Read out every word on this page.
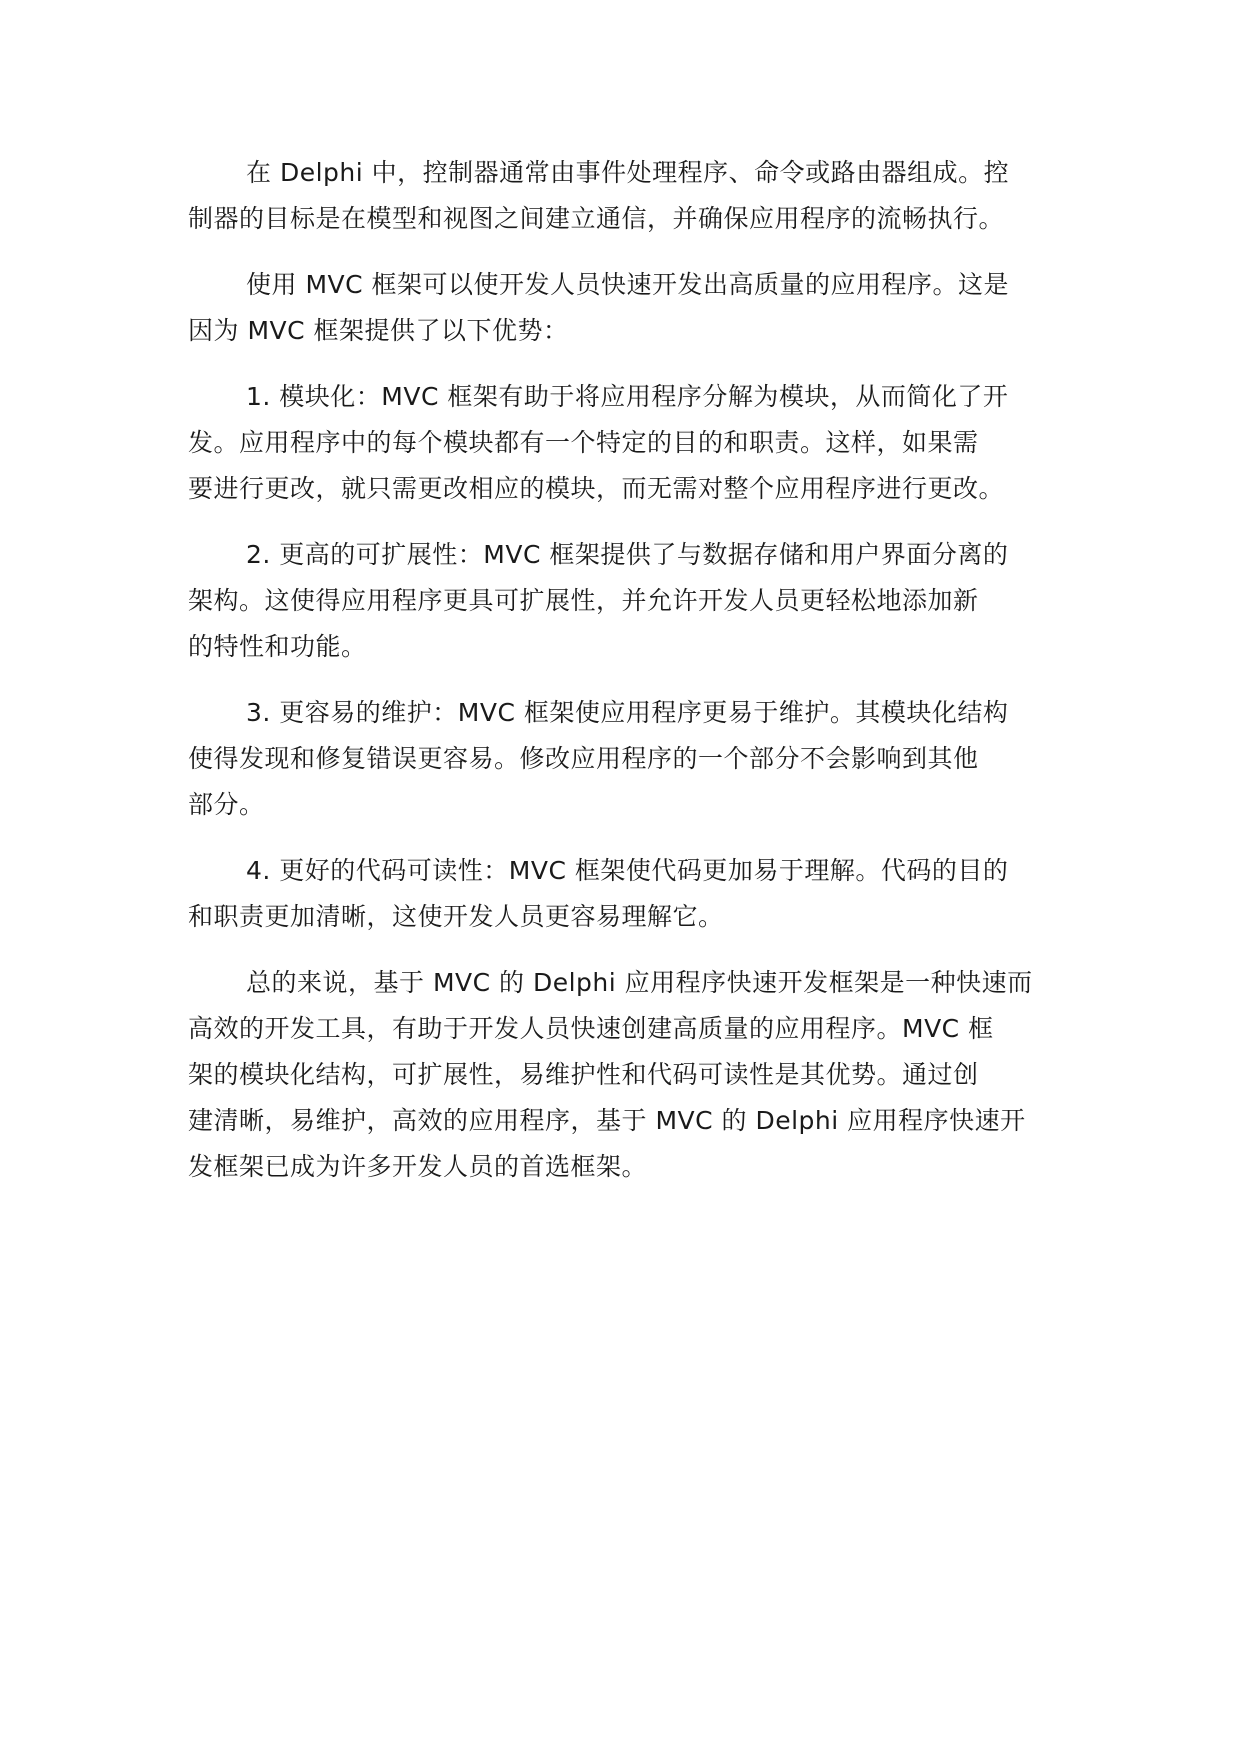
在 Delphi 中，控制器通常由事件处理程序、命令或路由器组成。控
制器的目标是在模型和视图之间建立通信，并确保应用程序的流畅执行。

使用 MVC 框架可以使开发人员快速开发出高质量的应用程序。这是
因为 MVC 框架提供了以下优势：

1. 模块化：MVC 框架有助于将应用程序分解为模块，从而简化了开
发。应用程序中的每个模块都有一个特定的目的和职责。这样，如果需
要进行更改，就只需更改相应的模块，而无需对整个应用程序进行更改。

2. 更高的可扩展性：MVC 框架提供了与数据存储和用户界面分离的
架构。这使得应用程序更具可扩展性，并允许开发人员更轻松地添加新
的特性和功能。

3. 更容易的维护：MVC 框架使应用程序更易于维护。其模块化结构
使得发现和修复错误更容易。修改应用程序的一个部分不会影响到其他
部分。

4. 更好的代码可读性：MVC 框架使代码更加易于理解。代码的目的
和职责更加清晰，这使开发人员更容易理解它。

总的来说，基于 MVC 的 Delphi 应用程序快速开发框架是一种快速而
高效的开发工具，有助于开发人员快速创建高质量的应用程序。MVC 框
架的模块化结构，可扩展性，易维护性和代码可读性是其优势。通过创
建清晰，易维护，高效的应用程序，基于 MVC 的 Delphi 应用程序快速开
发框架已成为许多开发人员的首选框架。
